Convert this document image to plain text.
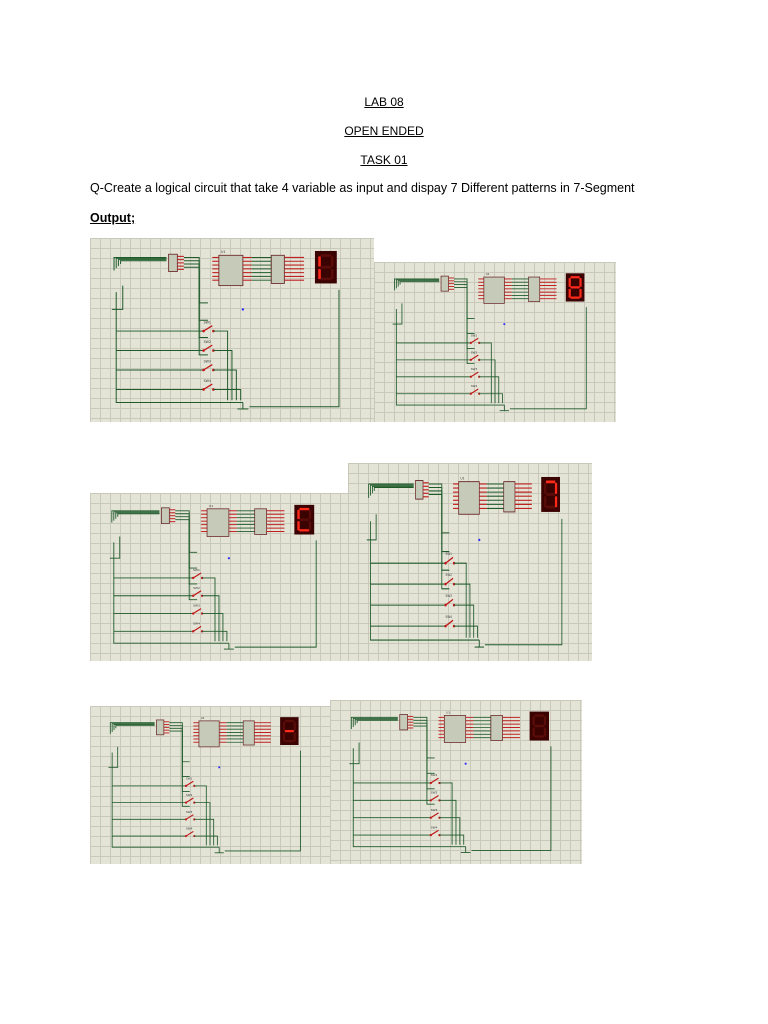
LAB 08
OPEN ENDED
TASK 01
Q-Create a logical circuit that take 4 variable as input and dispay 7 Different patterns in 7-Segment
Output;
U1
SW1
SW2
SW3
SW4
U1
SW1
SW2
SW3
SW4
U1
SW1
SW2
SW3
SW4
U1
SW1
SW2
SW3
SW4
U1
SW1
SW2
SW3
SW4
U1
SW1
SW2
SW3
SW4
